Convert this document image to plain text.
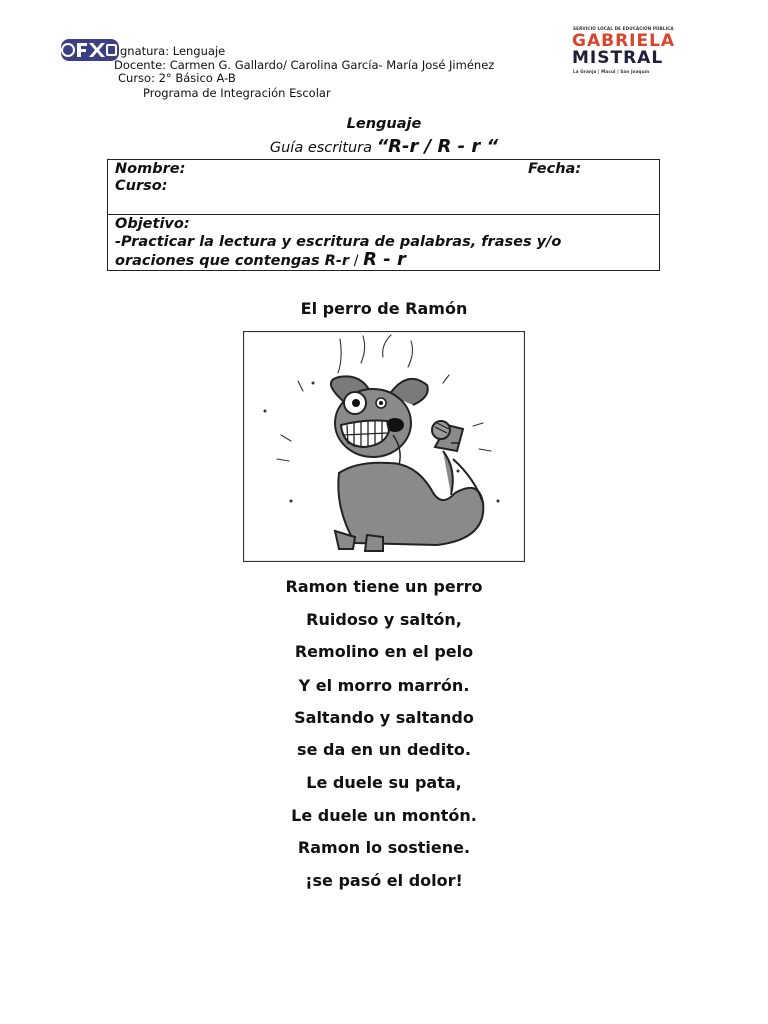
gnatura: Lenguaje
Docente: Carmen G. Gallardo/ Carolina García- María José Jiménez
Curso: 2° Básico A-B
Programa de Integración Escolar
SERVICIO LOCAL DE EDUCACIÓN PÚBLICA
GABRIELA
MISTRAL
La Granja | Macul | San Joaquín
Lenguaje
Guía escritura “R-r / R - r “
Nombre:	Fecha:
Curso:
Objetivo:
-Practicar la lectura y escritura de palabras, frases y/o
oraciones que contengas R-r / R - r
El perro de Ramón
Ramon tiene un perro
Ruidoso y saltón,
Remolino en el pelo
Y el morro marrón.
Saltando y saltando
se da en un dedito.
Le duele su pata,
Le duele un montón.
Ramon lo sostiene.
¡se pasó el dolor!
